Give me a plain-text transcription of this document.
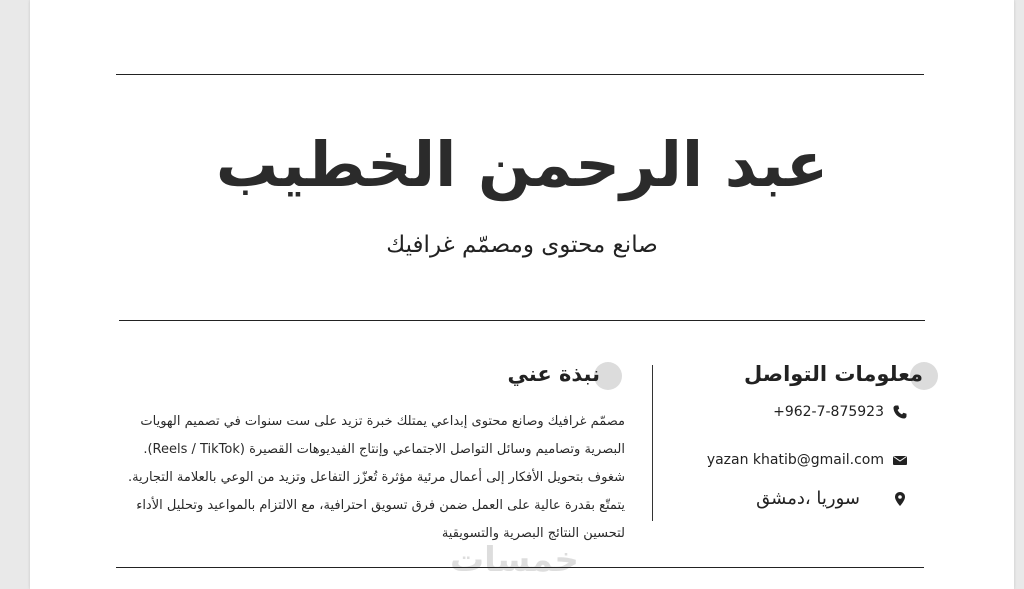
عبد الرحمن الخطيب
صانع محتوى ومصمّم غرافيك
معلومات التواصل
+962-7-875923
yazan khatib@gmail.com
سوريا ،دمشق
نبذة عني

مصمّم غرافيك وصانع محتوى إبداعي يمتلك خبرة تزيد على ست سنوات في تصميم الهويات

البصرية وتصاميم وسائل التواصل الاجتماعي وإنتاج الفيديوهات القصيرة (Reels / TikTok).

شغوف بتحويل الأفكار إلى أعمال مرئية مؤثرة تُعزّز التفاعل وتزيد من الوعي بالعلامة التجارية.

يتمتّع بقدرة عالية على العمل ضمن فرق تسويق احترافية، مع الالتزام بالمواعيد وتحليل الأداء

لتحسين النتائج البصرية والتسويقية

خمسات
